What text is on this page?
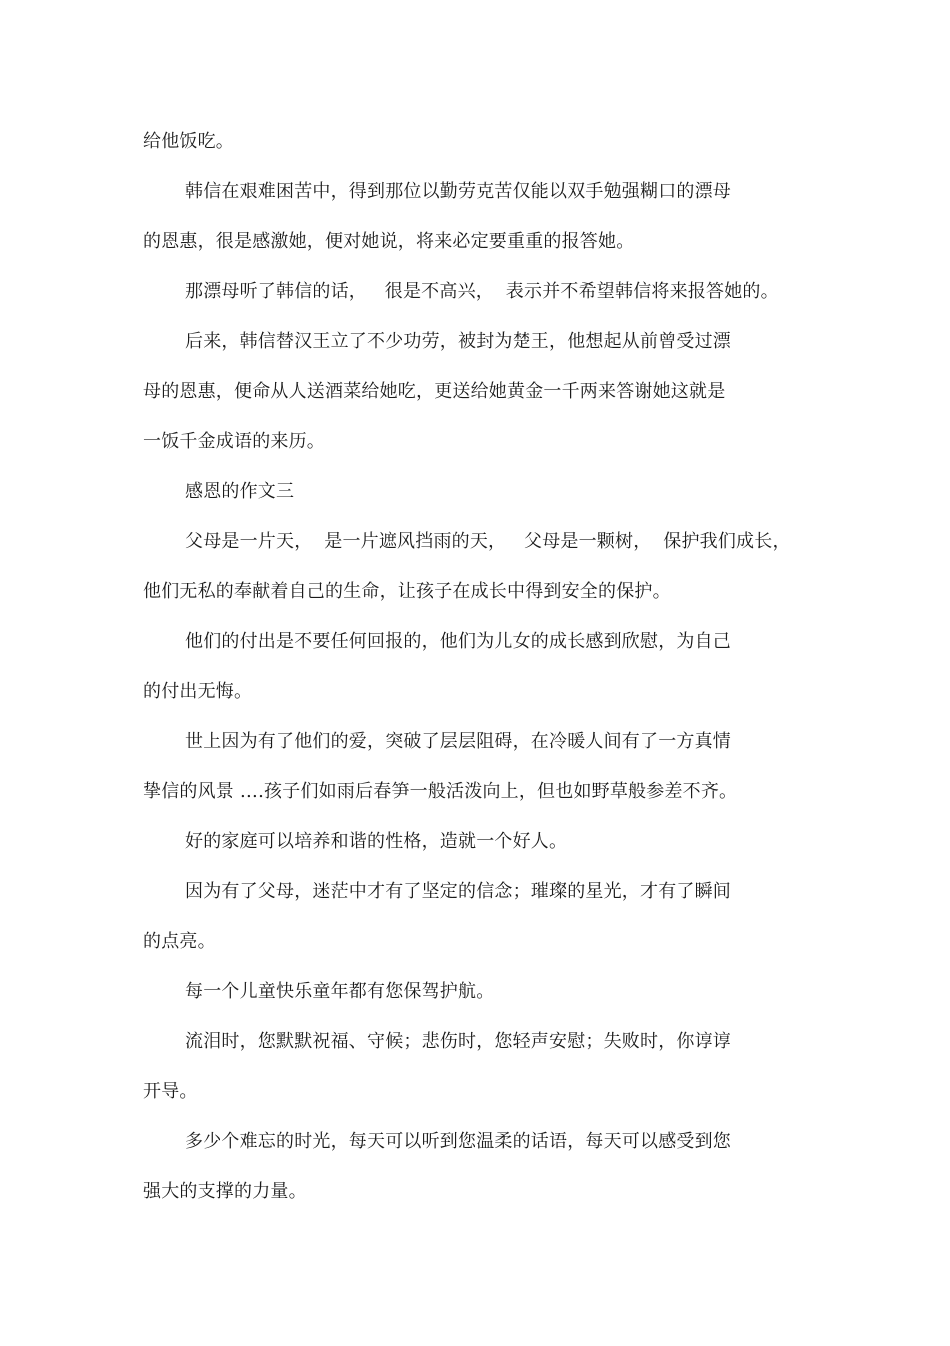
给他饭吃。
韩信在艰难困苦中，得到那位以勤劳克苦仅能以双手勉强糊口的漂母
的恩惠，很是感激她，便对她说，将来必定要重重的报答她。
那漂母听了韩信的话，   很是不高兴，  表示并不希望韩信将来报答她的。
后来，韩信替汉王立了不少功劳，被封为楚王，他想起从前曾受过漂
母的恩惠，便命从人送酒菜给她吃，更送给她黄金一千两来答谢她这就是
一饭千金成语的来历。
感恩的作文三
父母是一片天，  是一片遮风挡雨的天，   父母是一颗树，  保护我们成长，
他们无私的奉献着自己的生命，让孩子在成长中得到安全的保护。
他们的付出是不要任何回报的，他们为儿女的成长感到欣慰，为自己
的付出无悔。
世上因为有了他们的爱，突破了层层阻碍，在冷暖人间有了一方真情
挚信的风景 ….孩子们如雨后春笋一般活泼向上，但也如野草般参差不齐。
好的家庭可以培养和谐的性格，造就一个好人。
因为有了父母，迷茫中才有了坚定的信念；璀璨的星光，才有了瞬间
的点亮。
每一个儿童快乐童年都有您保驾护航。
流泪时，您默默祝福、守候；悲伤时，您轻声安慰；失败时，你谆谆
开导。
多少个难忘的时光，每天可以听到您温柔的话语，每天可以感受到您
强大的支撑的力量。
